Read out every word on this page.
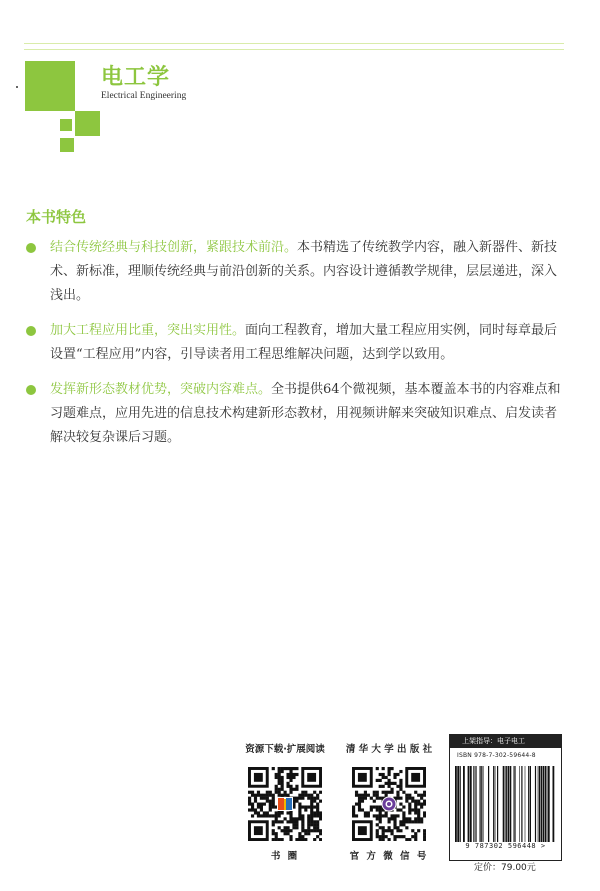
电工学
Electrical Engineering
本书特色
结合传统经典与科技创新，紧跟技术前沿。本书精选了传统教学内容，融入新器件、新技术、新标准，理顺传统经典与前沿创新的关系。内容设计遵循教学规律，层层递进，深入浅出。
加大工程应用比重，突出实用性。面向工程教育，增加大量工程应用实例，同时每章最后设置“工程应用”内容，引导读者用工程思维解决问题，达到学以致用。
发挥新形态教材优势，突破内容难点。全书提供64个微视频，基本覆盖本书的内容难点和习题难点，应用先进的信息技术构建新形态教材，用视频讲解来突破知识难点、启发读者解决较复杂课后习题。
资源下载·扩展阅读
书 圈
清 华 大 学 出 版 社
官 方 微 信 号
上架指导：电子电工
ISBN 978-7-302-59644-8
9 787302 596448 >
定价：79.00元
